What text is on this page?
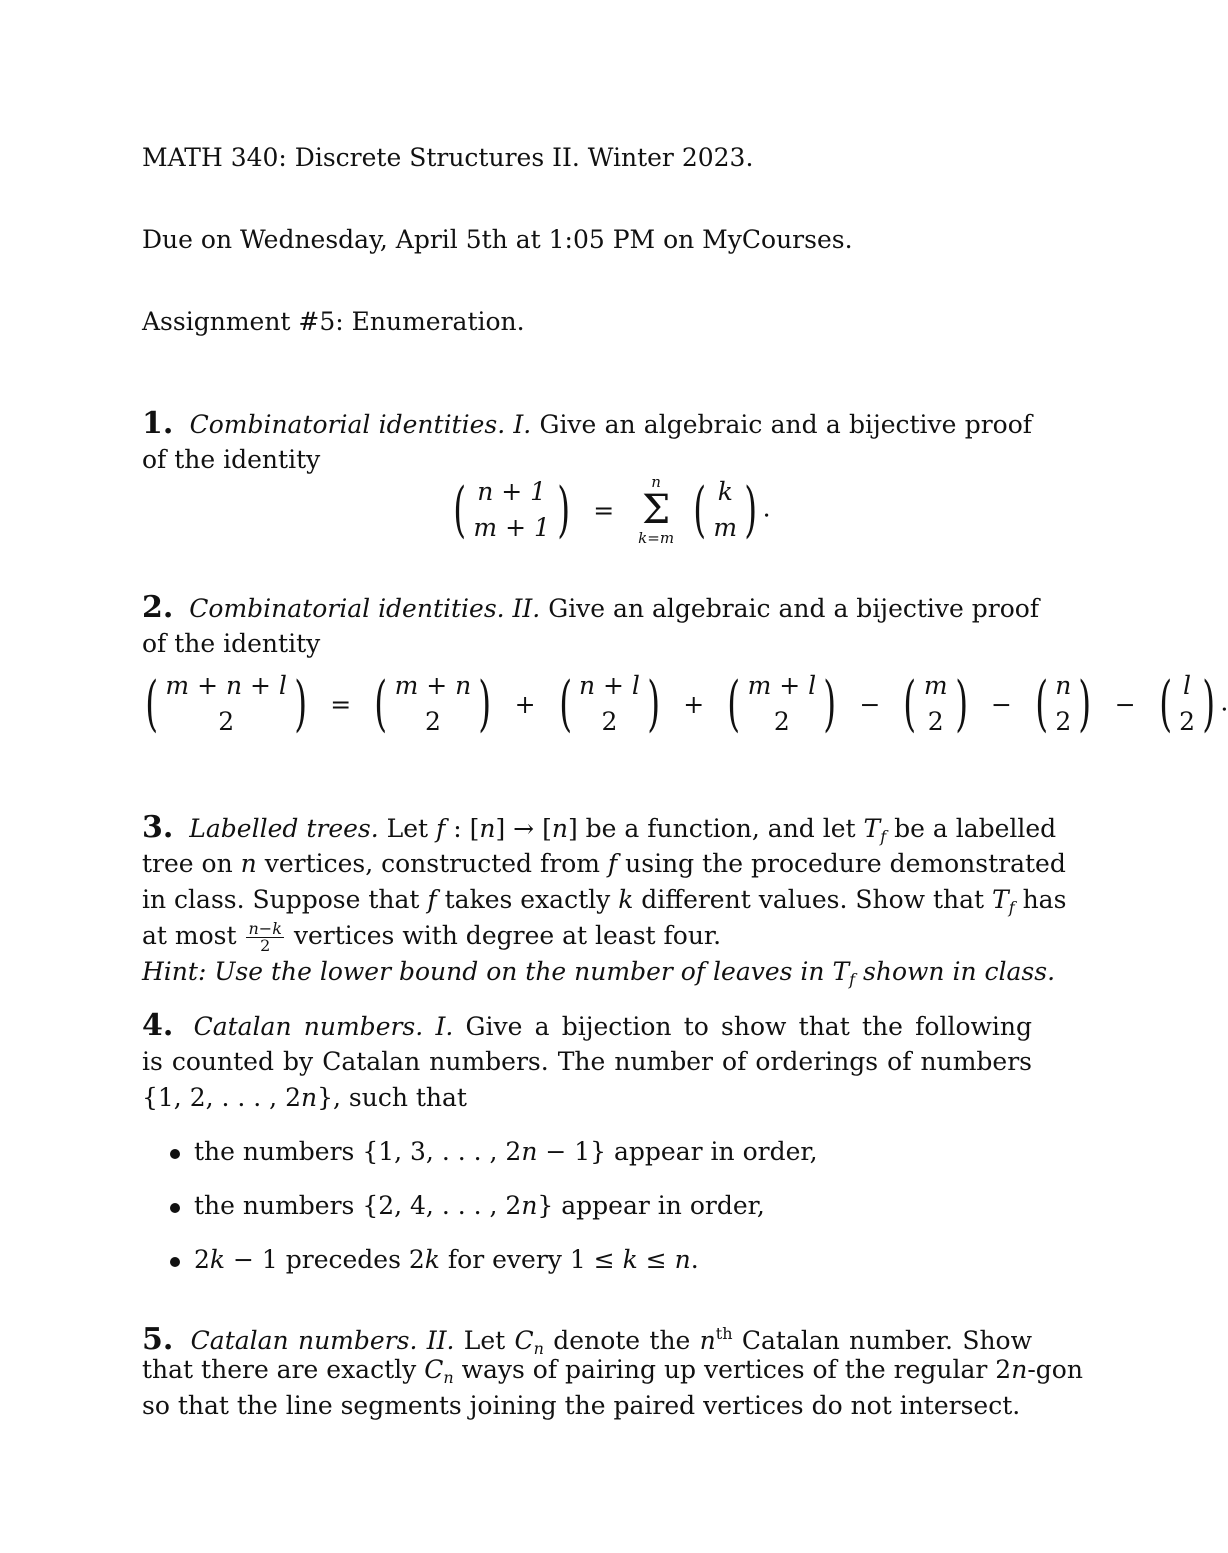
MATH 340: Discrete Structures II. Winter 2023.
Due on Wednesday, April 5th at 1:05 PM on MyCourses.
Assignment #5: Enumeration.
1. Combinatorial identities. I. Give an algebraic and a bijective proof
of the identity
( n + 1
m + 1 ) =
n
Σ
k=m
( k
m ) .
2. Combinatorial identities. II. Give an algebraic and a bijective proof
of the identity
( m + n + l
2 ) = ( m + n
2 ) + ( n + l
2 ) + ( m + l
2 ) − ( m
2 ) − ( n
2 ) − ( l
2 ) .
3. Labelled trees. Let f : [n] → [n] be a function, and let $T_f$ be a labelled
tree on n vertices, constructed from f using the procedure demonstrated
in class. Suppose that f takes exactly k different values. Show that $T_f$ has
at most $\frac{n-k}{2}$ vertices with degree at least four.
Hint: Use the lower bound on the number of leaves in $T_f$ shown in class.
4. Catalan numbers. I. Give a bijection to show that the following
is counted by Catalan numbers. The number of orderings of numbers
{1, 2, . . . , 2n}, such that
the numbers {1, 3, . . . , 2n − 1} appear in order,
the numbers {2, 4, . . . , 2n} appear in order,
2k − 1 precedes 2k for every 1 ≤ k ≤ n.
5. Catalan numbers. II. Let $C_n$ denote the $n^{th}$ Catalan number. Show
that there are exactly $C_n$ ways of pairing up vertices of the regular 2n-gon
so that the line segments joining the paired vertices do not intersect.
